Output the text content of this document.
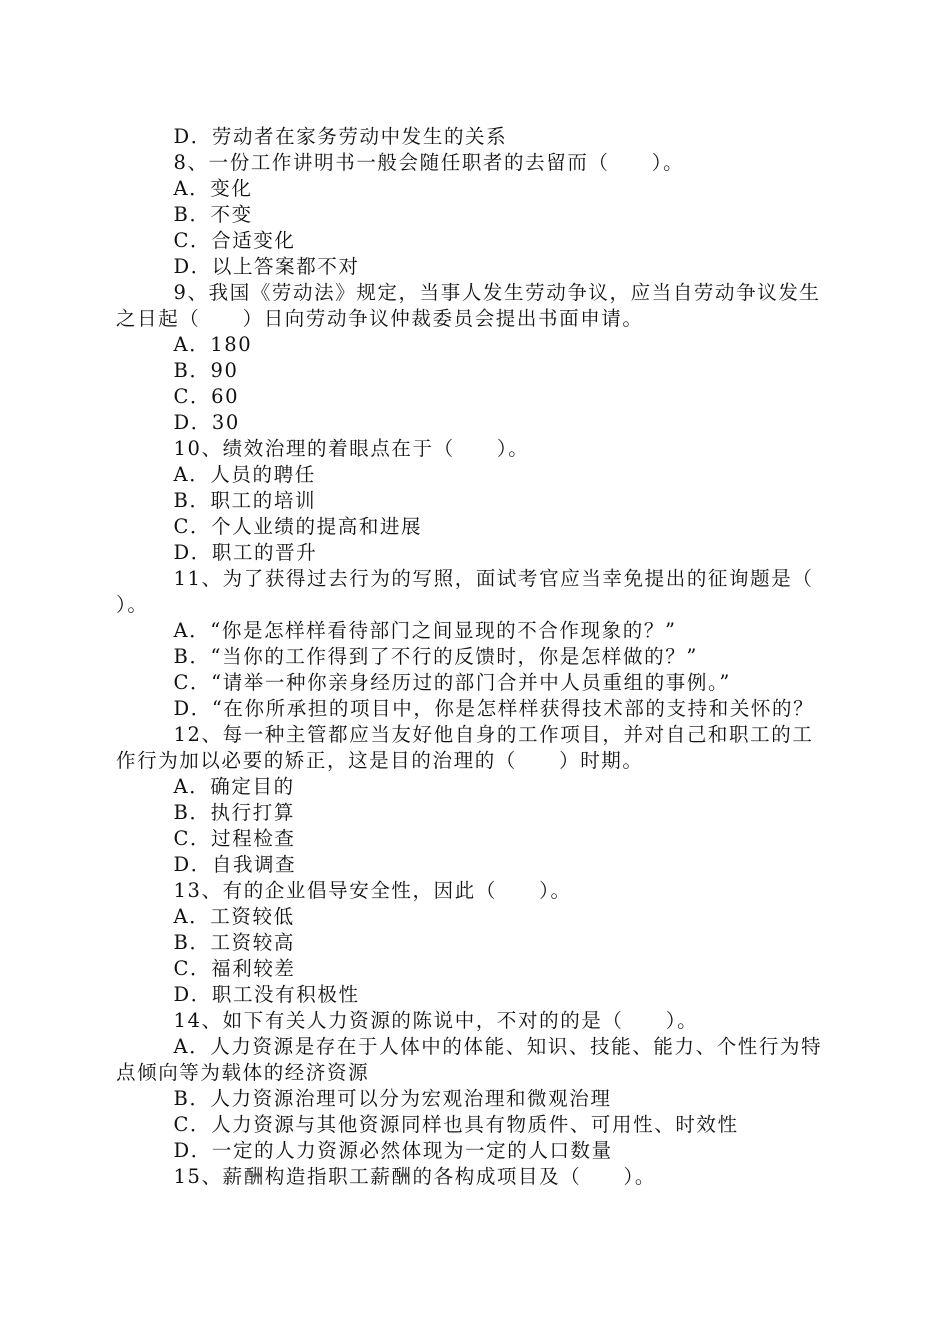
D．劳动者在家务劳动中发生的关系

8、一份工作讲明书一般会随任职者的去留而（　　）。

A．变化

B．不变

C．合适变化

D．以上答案都不对

9、我国《劳动法》规定，当事人发生劳动争议，应当自劳动争议发生之日起（　　）日向劳动争议仲裁委员会提出书面申请。

A．180

B．90

C．60

D．30

10、绩效治理的着眼点在于（　　）。

A．人员的聘任

B．职工的培训

C．个人业绩的提高和进展

D．职工的晋升

11、为了获得过去行为的写照，面试考官应当幸免提出的征询题是（　　）。

A．“你是怎样样看待部门之间显现的不合作现象的？”

B．“当你的工作得到了不行的反馈时，你是怎样做的？”

C．“请举一种你亲身经历过的部门合并中人员重组的事例。”

D．“在你所承担的项目中，你是怎样样获得技术部的支持和关怀的？

12、每一种主管都应当友好他自身的工作项目，并对自己和职工的工作行为加以必要的矫正，这是目的治理的（　　）时期。

A．确定目的

B．执行打算

C．过程检查

D．自我调查

13、有的企业倡导安全性，因此（　　）。

A．工资较低

B．工资较高

C．福利较差

D．职工没有积极性

14、如下有关人力资源的陈说中，不对的的是（　　）。

A．人力资源是存在于人体中的体能、知识、技能、能力、个性行为特点倾向等为载体的经济资源

B．人力资源治理可以分为宏观治理和微观治理

C．人力资源与其他资源同样也具有物质件、可用性、时效性

D．一定的人力资源必然体现为一定的人口数量

15、薪酬构造指职工薪酬的各构成项目及（　　）。
